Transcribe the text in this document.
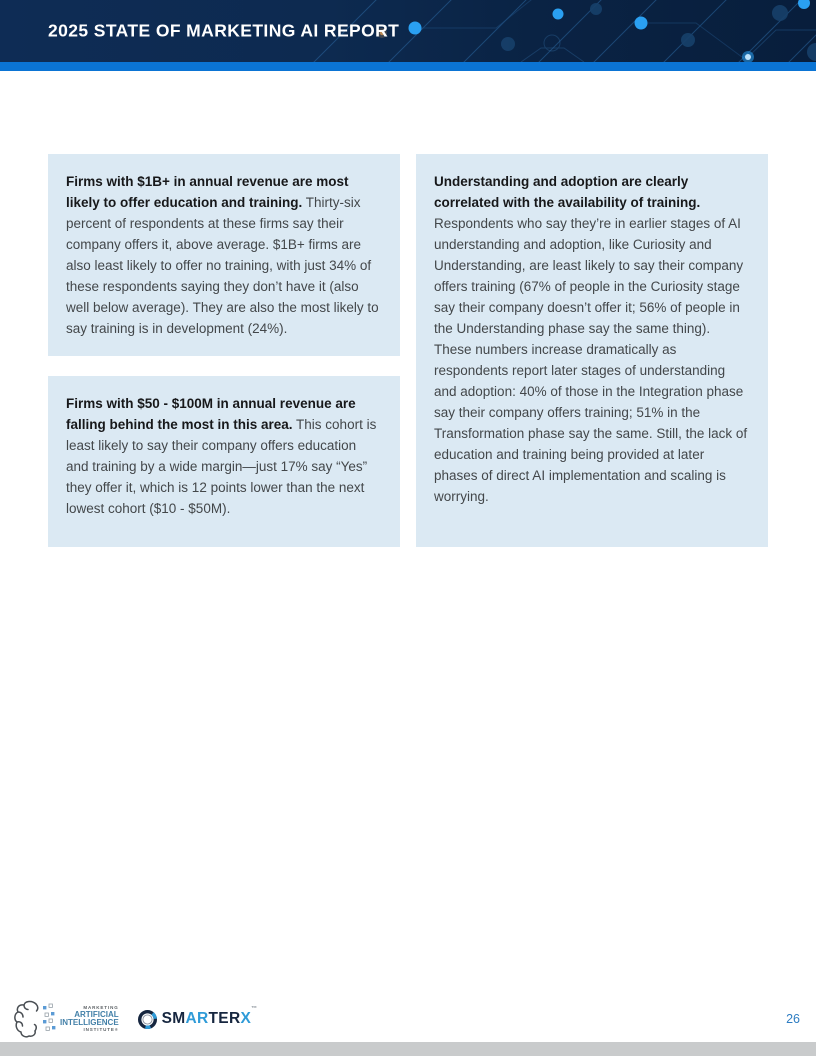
2025 STATE OF MARKETING AI REPORT

Firms with $1B+ in annual revenue are most likely to offer education and training. Thirty-six percent of respondents at these firms say their company offers it, above average. $1B+ firms are also least likely to offer no training, with just 34% of these respondents saying they don’t have it (also well below average). They are also the most likely to say training is in development (24%).

Firms with $50 - $100M in annual revenue are falling behind the most in this area. This cohort is least likely to say their company offers education and training by a wide margin—just 17% say “Yes” they offer it, which is 12 points lower than the next lowest cohort ($10 - $50M).

Understanding and adoption are clearly correlated with the availability of training. Respondents who say they’re in earlier stages of AI understanding and adoption, like Curiosity and Understanding, are least likely to say their company offers training (67% of people in the Curiosity stage say their company doesn’t offer it; 56% of people in the Understanding phase say the same thing).

These numbers increase dramatically as respondents report later stages of understanding and adoption: 40% of those in the Integration phase say their company offers training; 51% in the Transformation phase say the same. Still, the lack of education and training being provided at later phases of direct AI implementation and scaling is worrying.

MARKETING
ARTIFICIAL
INTELLIGENCE
INSTITUTE®
SMARTERX™
26
